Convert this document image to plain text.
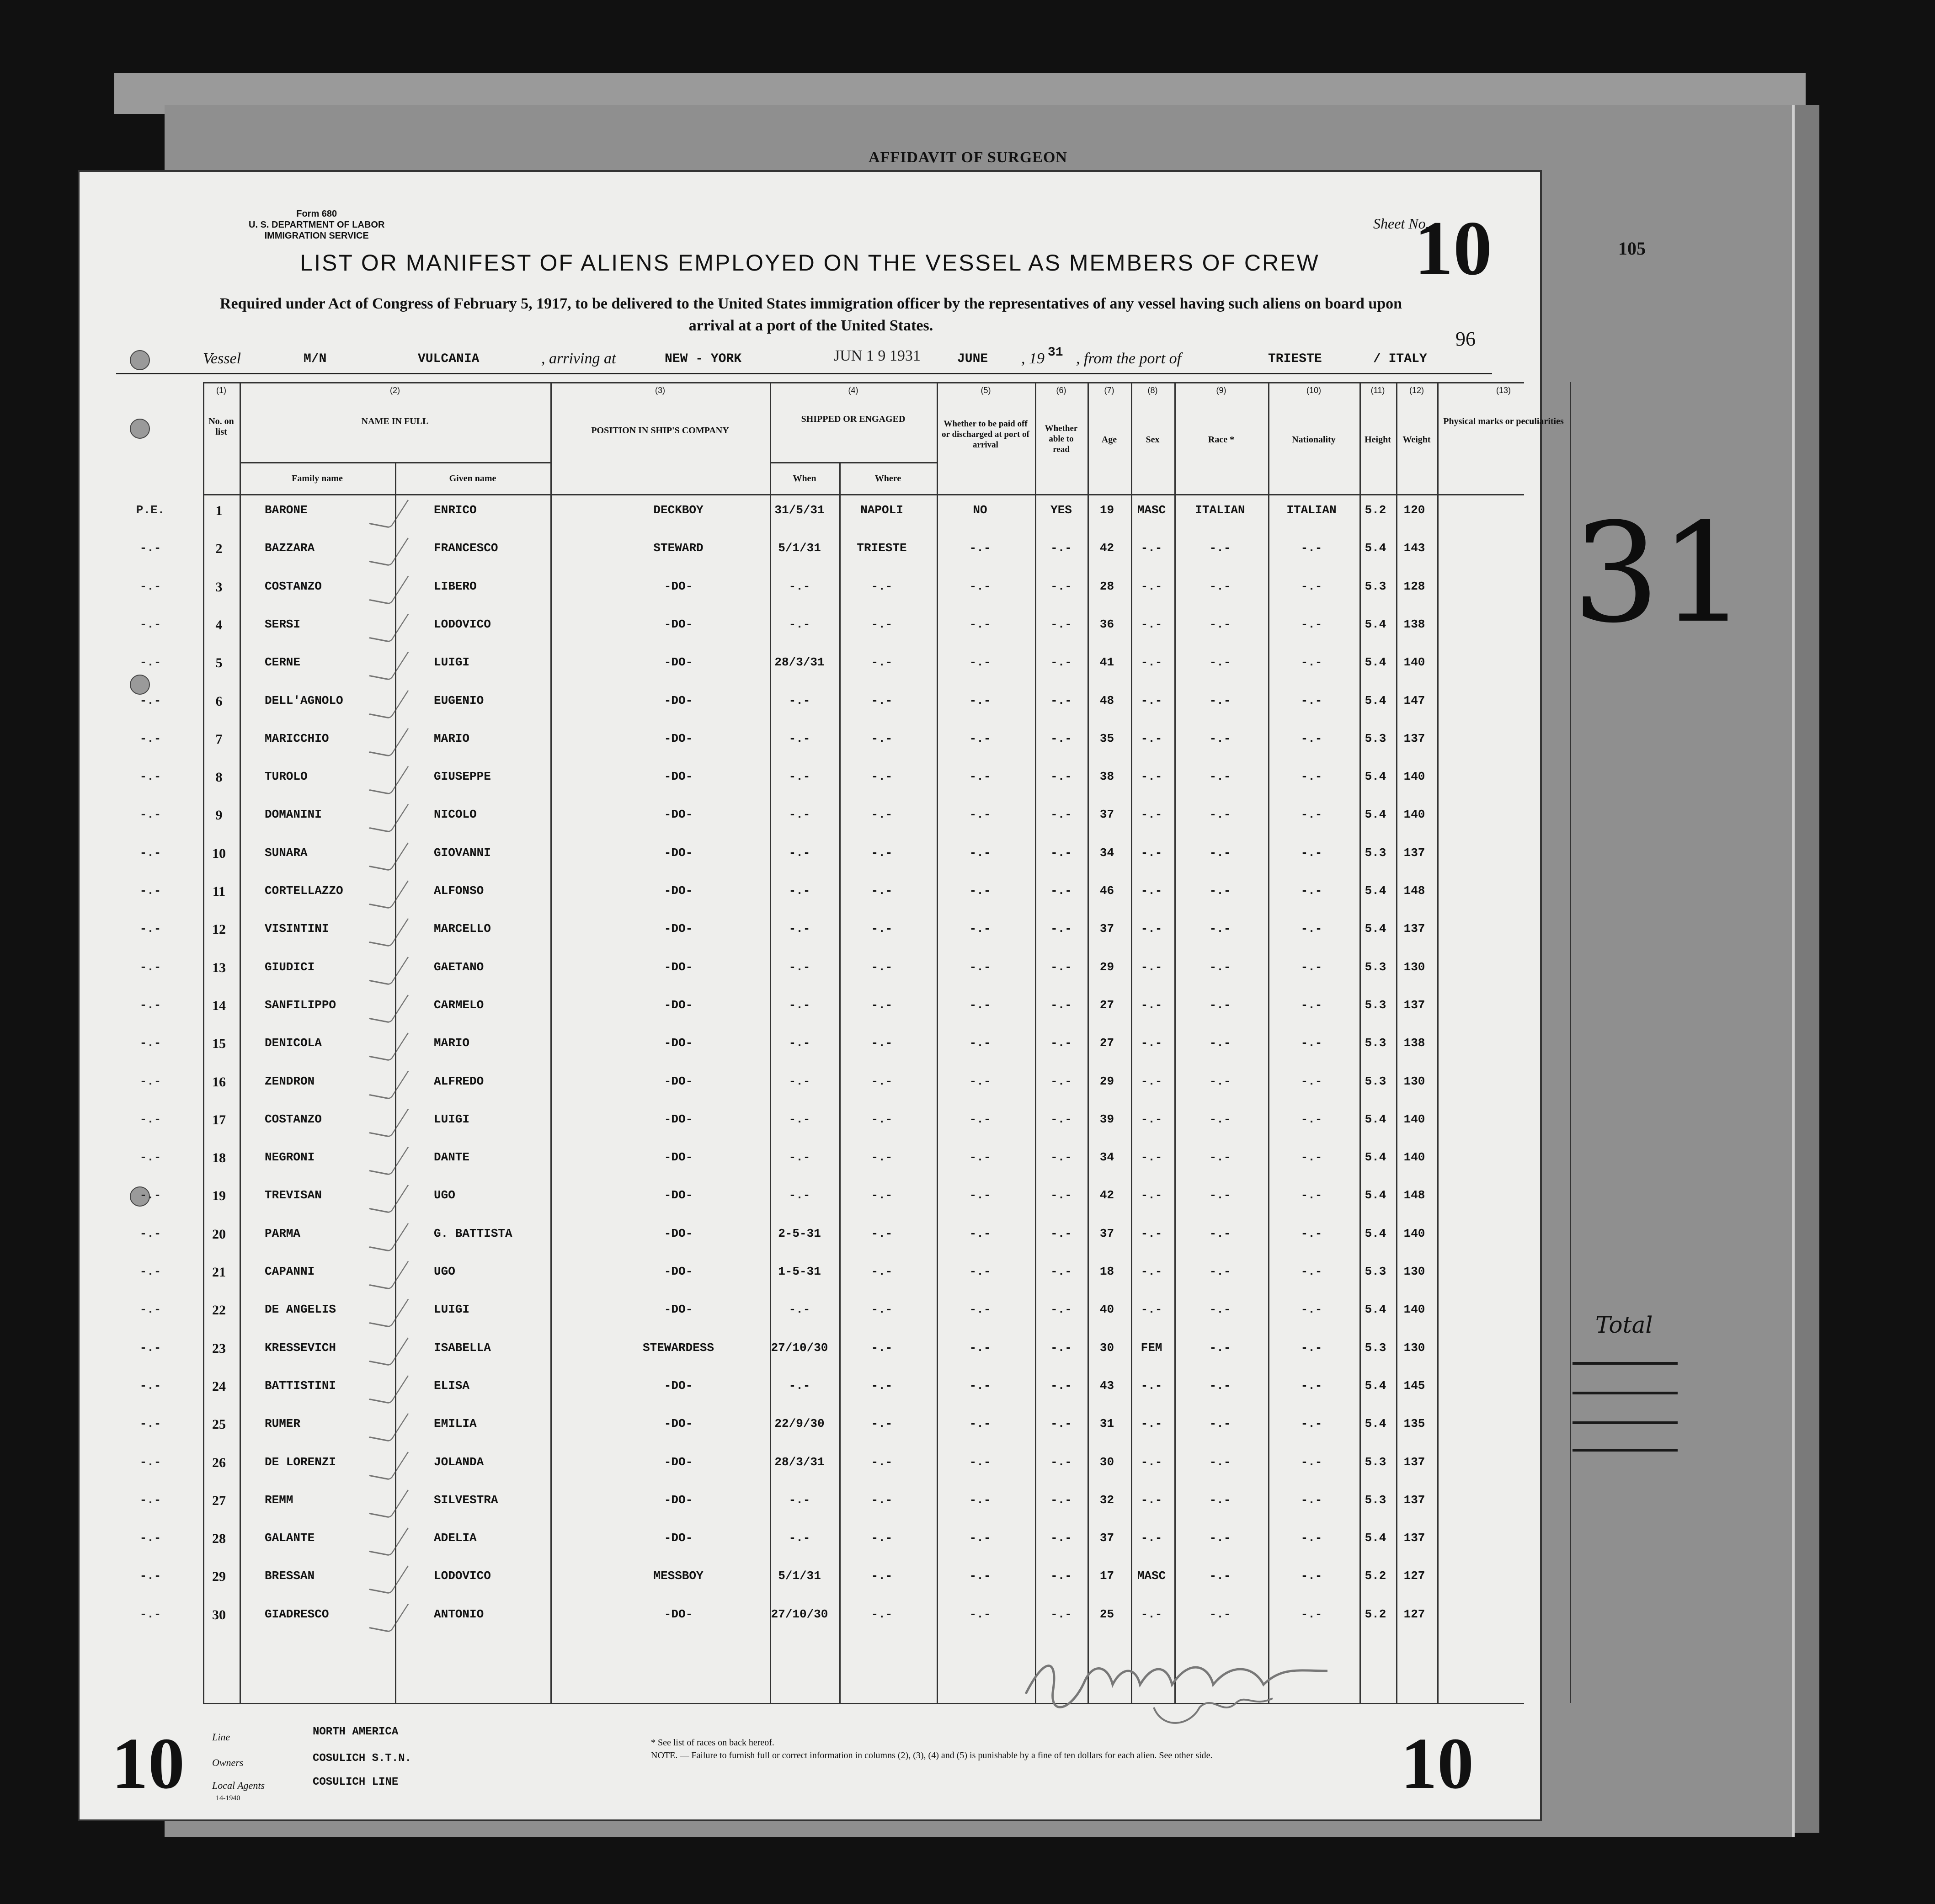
AFFIDAVIT OF SURGEON
105
31
Total
Form 680
U. S. DEPARTMENT OF LABOR
IMMIGRATION SERVICE
Sheet No.
10
LIST OR MANIFEST OF ALIENS EMPLOYED ON THE VESSEL AS MEMBERS OF CREW
Required under Act of Congress of February 5, 1917, to be delivered to the United States immigration officer by the representatives of any vessel having such aliens on board upon arrival at a port of the United States.
96
Vessel	M/N	VULCANIA	, arriving at	NEW - YORK	JUN 1 9 1931	JUNE , 19 31 , from the port of	TRIESTE	/ ITALY
(1)	(2)	(3)	(4)	(5)	(6)	(7)	(8)	(9)	(10)	(11)	(12)	(13)
No. on list
NAME IN FULL
POSITION IN SHIP'S COMPANY
SHIPPED OR ENGAGED	Whether to be paid off or discharged at port of arrival
Whether able to read
Age	Sex	Race *	Nationality	Height	Weight
Physical marks or peculiarities
Family name	Given name	When	Where
P.E.	1	BARONE	ENRICO	DECKBOY	31/5/31	NAPOLI	NO	YES	19	MASC	ITALIAN	ITALIAN	5.2	120
-.-	2	BAZZARA	FRANCESCO	STEWARD	5/1/31	TRIESTE	-.-	-.-	42	-.-	-.-	-.-	5.4	143
-.-	3	COSTANZO	LIBERO	-DO-	-.-	-.-	-.-	-.-	28	-.-	-.-	-.-	5.3	128
-.-	4	SERSI	LODOVICO	-DO-	-.-	-.-	-.-	-.-	36	-.-	-.-	-.-	5.4	138
-.-	5	CERNE	LUIGI	-DO-	28/3/31	-.-	-.-	-.-	41	-.-	-.-	-.-	5.4	140
-.-	6	DELL'AGNOLO	EUGENIO	-DO-	-.-	-.-	-.-	-.-	48	-.-	-.-	-.-	5.4	147
-.-	7	MARICCHIO	MARIO	-DO-	-.-	-.-	-.-	-.-	35	-.-	-.-	-.-	5.3	137
-.-	8	TUROLO	GIUSEPPE	-DO-	-.-	-.-	-.-	-.-	38	-.-	-.-	-.-	5.4	140
-.-	9	DOMANINI	NICOLO	-DO-	-.-	-.-	-.-	-.-	37	-.-	-.-	-.-	5.4	140
-.-	10	SUNARA	GIOVANNI	-DO-	-.-	-.-	-.-	-.-	34	-.-	-.-	-.-	5.3	137
-.-	11	CORTELLAZZO	ALFONSO	-DO-	-.-	-.-	-.-	-.-	46	-.-	-.-	-.-	5.4	148
-.-	12	VISINTINI	MARCELLO	-DO-	-.-	-.-	-.-	-.-	37	-.-	-.-	-.-	5.4	137
-.-	13	GIUDICI	GAETANO	-DO-	-.-	-.-	-.-	-.-	29	-.-	-.-	-.-	5.3	130
-.-	14	SANFILIPPO	CARMELO	-DO-	-.-	-.-	-.-	-.-	27	-.-	-.-	-.-	5.3	137
-.-	15	DENICOLA	MARIO	-DO-	-.-	-.-	-.-	-.-	27	-.-	-.-	-.-	5.3	138
-.-	16	ZENDRON	ALFREDO	-DO-	-.-	-.-	-.-	-.-	29	-.-	-.-	-.-	5.3	130
-.-	17	COSTANZO	LUIGI	-DO-	-.-	-.-	-.-	-.-	39	-.-	-.-	-.-	5.4	140
-.-	18	NEGRONI	DANTE	-DO-	-.-	-.-	-.-	-.-	34	-.-	-.-	-.-	5.4	140
-.-	19	TREVISAN	UGO	-DO-	-.-	-.-	-.-	-.-	42	-.-	-.-	-.-	5.4	148
-.-	20	PARMA	G. BATTISTA	-DO-	2-5-31	-.-	-.-	-.-	37	-.-	-.-	-.-	5.4	140
-.-	21	CAPANNI	UGO	-DO-	1-5-31	-.-	-.-	-.-	18	-.-	-.-	-.-	5.3	130
-.-	22	DE ANGELIS	LUIGI	-DO-	-.-	-.-	-.-	-.-	40	-.-	-.-	-.-	5.4	140
-.-	23	KRESSEVICH	ISABELLA	STEWARDESS	27/10/30	-.-	-.-	-.-	30	FEM	-.-	-.-	5.3	130
-.-	24	BATTISTINI	ELISA	-DO-	-.-	-.-	-.-	-.-	43	-.-	-.-	-.-	5.4	145
-.-	25	RUMER	EMILIA	-DO-	22/9/30	-.-	-.-	-.-	31	-.-	-.-	-.-	5.4	135
-.-	26	DE LORENZI	JOLANDA	-DO-	28/3/31	-.-	-.-	-.-	30	-.-	-.-	-.-	5.3	137
-.-	27	REMM	SILVESTRA	-DO-	-.-	-.-	-.-	-.-	32	-.-	-.-	-.-	5.3	137
-.-	28	GALANTE	ADELIA	-DO-	-.-	-.-	-.-	-.-	37	-.-	-.-	-.-	5.4	137
-.-	29	BRESSAN	LODOVICO	MESSBOY	5/1/31	-.-	-.-	-.-	17	MASC	-.-	-.-	5.2	127
-.-	30	GIADRESCO	ANTONIO	-DO-	27/10/30	-.-	-.-	-.-	25	-.-	-.-	-.-	5.2	127
10	Line	NORTH AMERICA
Owners	COSULICH S.T.N.
Local Agents	COSULICH LINE
14-1940
* See list of races on back hereof.
NOTE. — Failure to furnish full or correct information in columns (2), (3), (4) and (5) is punishable by a fine of ten dollars for each alien. See other side.	10
